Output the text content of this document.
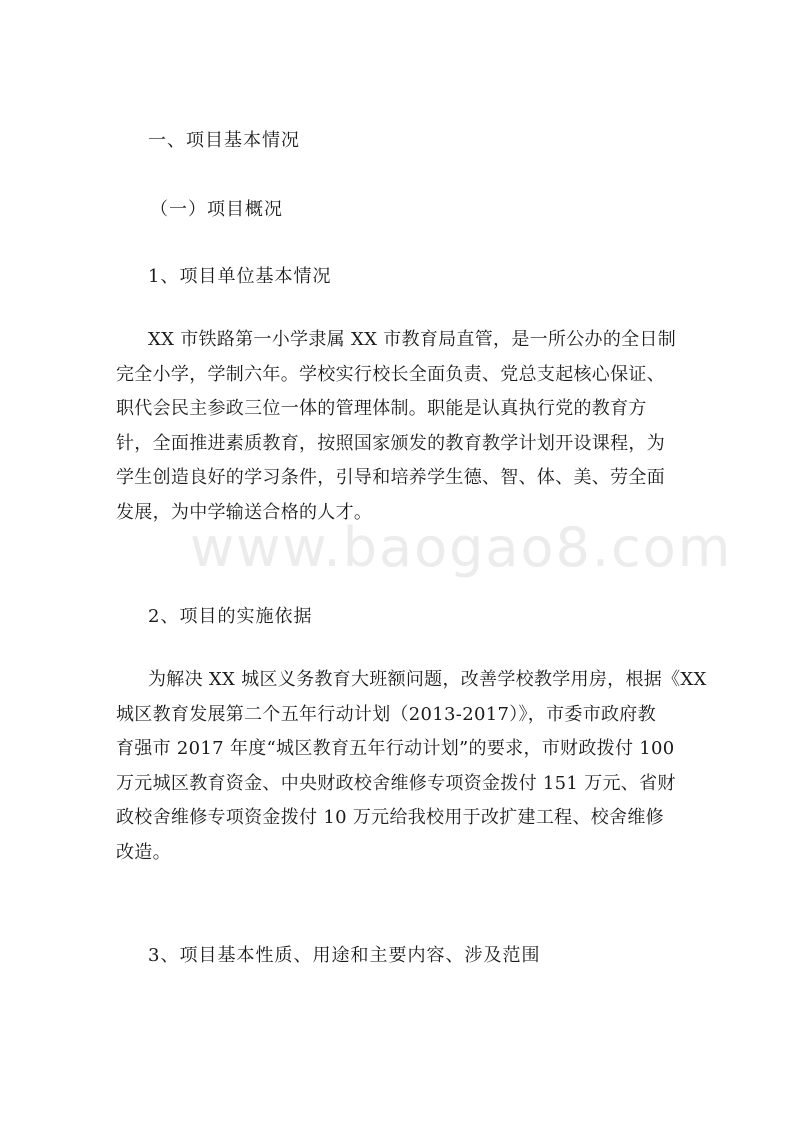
一、项目基本情况
（一）项目概况
1、项目单位基本情况

XX 市铁路第一小学隶属 XX 市教育局直管，是一所公办的全日制
完全小学，学制六年。学校实行校长全面负责、党总支起核心保证、
职代会民主参政三位一体的管理体制。职能是认真执行党的教育方
针，全面推进素质教育，按照国家颁发的教育教学计划开设课程，为
学生创造良好的学习条件，引导和培养学生德、智、体、美、劳全面
发展，为中学输送合格的人才。

www.baogao8.com
2、项目的实施依据

为解决 XX 城区义务教育大班额问题，改善学校教学用房，根据《XX
城区教育发展第二个五年行动计划（2013-2017）》，市委市政府教
育强市 2017 年度“城区教育五年行动计划”的要求，市财政拨付 100
万元城区教育资金、中央财政校舍维修专项资金拨付 151 万元、省财
政校舍维修专项资金拨付 10 万元给我校用于改扩建工程、校舍维修
改造。

3、项目基本性质、用途和主要内容、涉及范围
